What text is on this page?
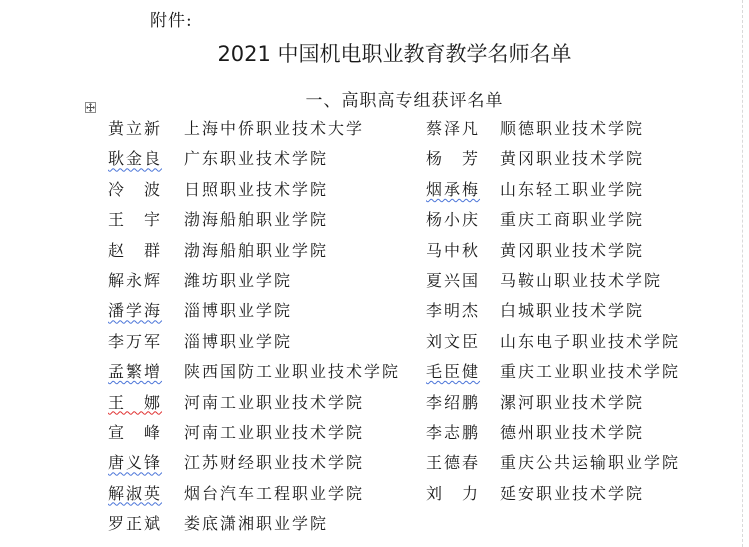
附件:
2021 中国机电职业教育教学名师名单
一、高职高专组获评名单
黄立新 上海中侨职业技术大学	蔡泽凡 顺德职业技术学院
耿金良 广东职业技术学院	杨　芳 黄冈职业技术学院
冷　波 日照职业技术学院	烟承梅 山东轻工职业学院
王　宇 渤海船舶职业学院	杨小庆 重庆工商职业学院
赵　群 渤海船舶职业学院	马中秋 黄冈职业技术学院
解永辉 潍坊职业学院	夏兴国 马鞍山职业技术学院
潘学海 淄博职业学院	李明杰 白城职业技术学院
李万军 淄博职业学院	刘文臣 山东电子职业技术学院
孟繁增 陕西国防工业职业技术学院 毛臣健 重庆工业职业技术学院
王　娜 河南工业职业技术学院	李绍鹏 漯河职业技术学院
宣　峰 河南工业职业技术学院	李志鹏 德州职业技术学院
唐义锋 江苏财经职业技术学院	王德春 重庆公共运输职业学院
解淑英 烟台汽车工程职业学院	刘　力 延安职业技术学院
罗正斌 娄底潇湘职业学院
